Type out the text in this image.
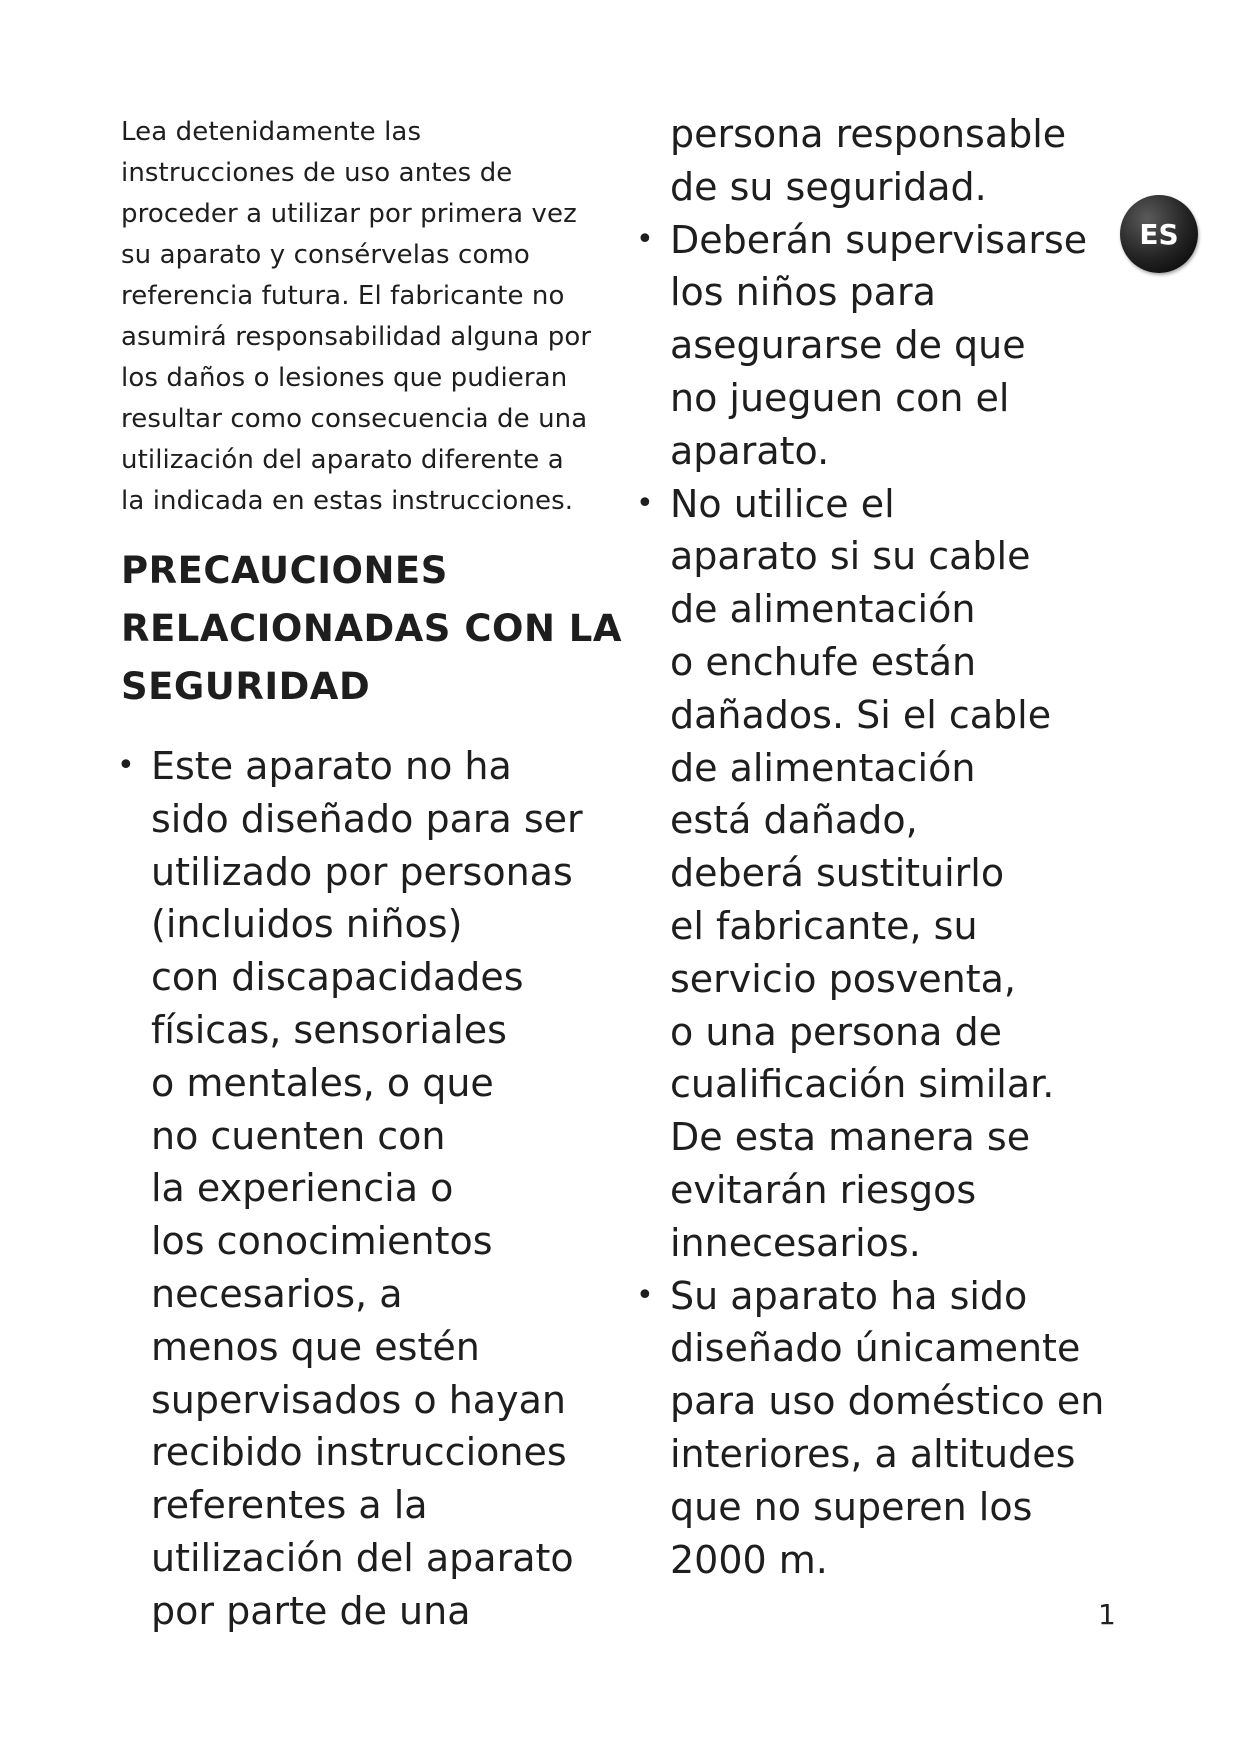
ES

Lea detenidamente las
instrucciones de uso antes de
proceder a utilizar por primera vez
su aparato y consérvelas como
referencia futura. El fabricante no
asumirá responsabilidad alguna por
los daños o lesiones que pudieran
resultar como consecuencia de una
utilización del aparato diferente a
la indicada en estas instrucciones.

PRECAUCIONES
RELACIONADAS CON LA
SEGURIDAD
• Este aparato no ha
sido diseñado para ser
utilizado por personas
(incluidos niños)
con discapacidades
físicas, sensoriales
o mentales, o que
no cuenten con
la experiencia o
los conocimientos
necesarios, a
menos que estén
supervisados o hayan
recibido instrucciones
referentes a la
utilización del aparato
por parte de una
persona responsable
de su seguridad.
• Deberán supervisarse
los niños para
asegurarse de que
no jueguen con el
aparato.
• No utilice el
aparato si su cable
de alimentación
o enchufe están
dañados. Si el cable
de alimentación
está dañado,
deberá sustituirlo
el fabricante, su
servicio posventa,
o una persona de
cualificación similar.
De esta manera se
evitarán riesgos
innecesarios.
• Su aparato ha sido
diseñado únicamente
para uso doméstico en
interiores, a altitudes
que no superen los
2000 m.
1
